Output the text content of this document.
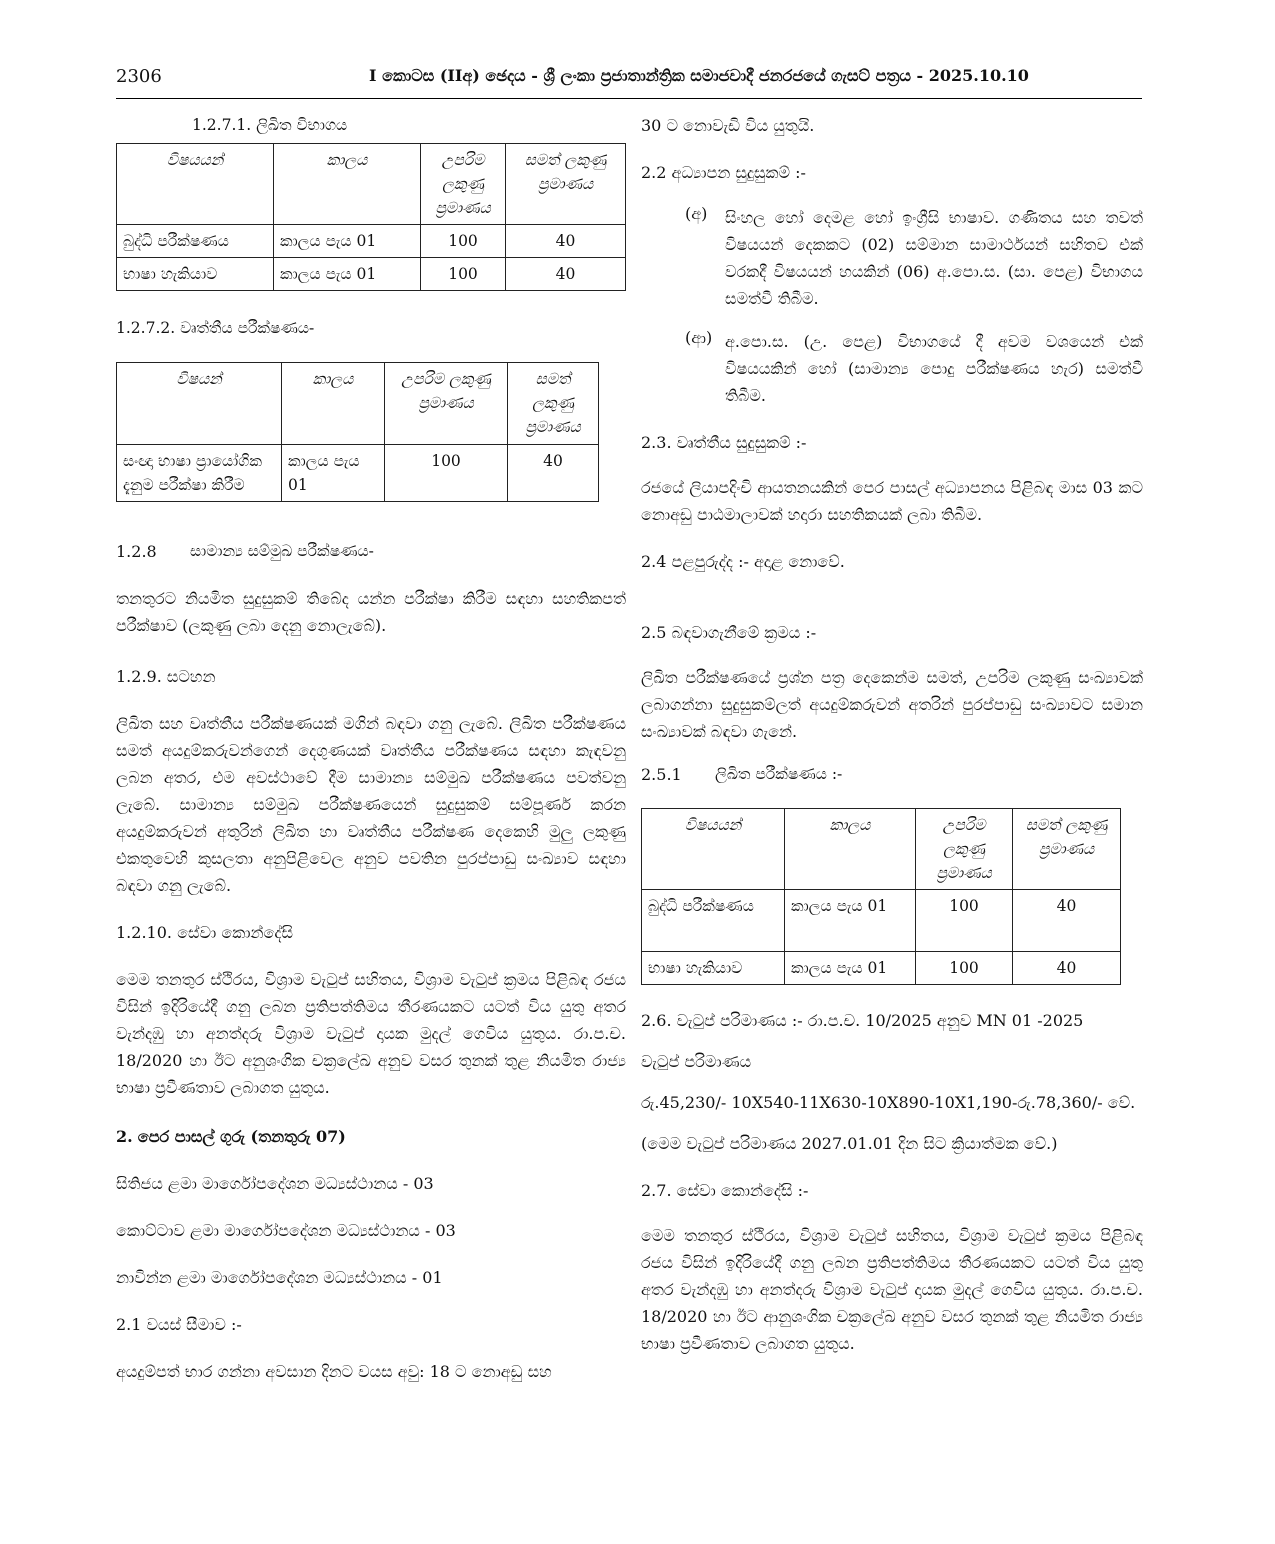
2306	I කොටස (IIඅ) ඡෙදය - ශ්‍රී ලංකා ප්‍රජාතාන්ත්‍රික සමාජවාදී ජනරජයේ ගැසට් පත්‍රය - 2025.10.10

1.2.7.1. ලිඛිත විභාගය

විෂයයන්	කාලය	උපරිම ලකුණු ප්‍රමාණය	සමත් ලකුණු ප්‍රමාණය
බුද්ධි පරීක්ෂණය	කාලය පැය 01	100	40
භාෂා හැකියාව	කාලය පැය 01	100	40

1.2.7.2. වෘත්තීය පරීක්ෂණය-

විෂයන්	කාලය	උපරිම ලකුණු ප්‍රමාණය	සමත් ලකුණු ප්‍රමාණය
සංඥා භාෂා ප්‍රායෝගික දැනුම පරීක්ෂා කිරීම	කාලය පැය 01	100	40

1.2.8	සාමාන්‍ය සම්මුඛ පරීක්ෂණය-

තනතුරට නියමිත සුදුසුකම් තිබේද යන්න පරීක්ෂා කිරීම සඳහා සහතිකපත් පරීක්ෂාව (ලකුණු ලබා දෙනු නොලැබේ).

1.2.9. සටහන

ලිඛිත සහ වෘත්තීය පරීක්ෂණයක් මගින් බඳවා ගනු ලැබේ. ලිඛිත පරීක්ෂණය සමත් අයදුම්කරුවන්ගෙන් දෙගුණයක් වෘත්තීය පරීක්ෂණය සඳහා කැඳවනු ලබන අතර, එම අවස්ථාවේ දීම සාමාන්‍ය සම්මුඛ පරීක්ෂණය පවත්වනු ලැබේ. සාමාන්‍ය සම්මුඛ පරීක්ෂණයෙන් සුදුසුකම් සම්පූර්ණ කරන අයදුම්කරුවන් අතුරින් ලිඛිත හා වෘත්තීය පරීක්ෂණ දෙකෙහි මුලු ලකුණු එකතුවෙහි කුසලතා අනුපිළිවෙල අනුව පවතින පුරප්පාඩු සංඛ්‍යාව සඳහා බඳවා ගනු ලැබේ.

1.2.10. සේවා කොන්දේසි

මෙම තනතුර ස්ථිරය, විශ්‍රාම වැටුප් සහිතය, විශ්‍රාම වැටුප් ක්‍රමය පිළිබඳ රජය විසින් ඉදිරියේදී ගනු ලබන ප්‍රතිපත්තිමය තීරණයකට යටත් විය යුතු අතර වැන්දඹු හා අනත්දරු විශ්‍රාම වැටුප් දායක මුදල් ගෙවිය යුතුය. රා.ප.ච. 18/2020 හා ඊට අනුශංගික චක්‍රලේඛ අනුව වසර තුනක් තුළ නියමිත රාජ්‍ය භාෂා ප්‍රවීණතාව ලබාගත යුතුය.

2. පෙර පාසල් ගුරු (තනතුරු 07)

සිතිජය ළමා මාර්ගෝපදේශන මධ්‍යස්ථානය - 03

කොට්ටාව ළමා මාර්ගෝපදේශන මධ්‍යස්ථානය - 03

නාවින්න ළමා මාර්ගෝපදේශන මධ්‍යස්ථානය - 01

2.1 වයස් සීමාව :-

අයදුම්පත් භාර ගන්නා අවසාන දිනට වයස අවු: 18 ට නොඅඩු සහ

30 ට නොවැඩි විය යුතුයි.

2.2 අධ්‍යාපන සුදුසුකම් :-

(අ)	සිංහල හෝ දෙමළ හෝ ඉංග්‍රීසි භාෂාව. ගණිතය සහ තවත් විෂයයන් දෙකකට (02) සම්මාන සාමාර්ථයන් සහිතව එක් වරකදී විෂයයන් හයකින් (06) අ.පො.ස. (සා. පෙළ) විභාගය සමත්වී තිබීම.
(ආ) අ.පො.ස. (උ. පෙළ) විභාගයේ දී අවම වශයෙන් එක් විෂයයකින් හෝ (සාමාන්‍ය පොදු පරීක්ෂණය හැර) සමත්වී තිබීම.

2.3. වෘත්තීය සුදුසුකම් :-

රජයේ ලියාපදිංචි ආයතනයකින් පෙර පාසල් අධ්‍යාපනය පිළිබඳ මාස 03 කට නොඅඩු පාඨමාලාවක් හදාරා සහතිකයක් ලබා තිබීම.

2.4 පළපුරුද්ද :- අදාළ නොවේ.

2.5 බඳවාගැනීමේ ක්‍රමය :-

ලිඛිත පරීක්ෂණයේ ප්‍රශ්න පත්‍ර දෙකෙන්ම සමත්, උපරිම ලකුණු සංඛ්‍යාවක් ලබාගන්නා සුදුසුකම්ලත් අයදුම්කරුවන් අතරින් පුරප්පාඩු සංඛ්‍යාවට සමාන සංඛ්‍යාවක් බඳවා ගැනේ.

2.5.1	ලිඛිත පරීක්ෂණය :-

විෂයයන්	කාලය	උපරිම ලකුණු ප්‍රමාණය	සමත් ලකුණු ප්‍රමාණය
බුද්ධි පරීක්ෂණය	කාලය පැය 01	100	40
භාෂා හැකියාව	කාලය පැය 01	100	40

2.6. වැටුප් පරිමාණය :- රා.ප.ච. 10/2025 අනුව MN 01 -2025

වැටුප් පරිමාණය

රු.45,230/- 10X540-11X630-10X890-10X1,190-රු.78,360/- වේ.

(මෙම වැටුප් පරිමාණය 2027.01.01 දින සිට ක්‍රියාත්මක වේ.)

2.7. සේවා කොන්දේසි :-

මෙම තනතුර ස්ථිරය, විශ්‍රාම වැටුප් සහිතය, විශ්‍රාම වැටුප් ක්‍රමය පිළිබඳ රජය විසින් ඉදිරියේදී ගනු ලබන ප්‍රතිපත්තිමය තීරණයකට යටත් විය යුතු අතර වැන්දඹු හා අනත්දරු විශ්‍රාම වැටුප් දායක මුදල් ගෙවිය යුතුය. රා.ප.ච. 18/2020 හා ඊට ආනුශංගික චක්‍රලේඛ අනුව වසර තුනක් තුළ නියමිත රාජ්‍ය භාෂා ප්‍රවීණතාව ලබාගත යුතුය.
